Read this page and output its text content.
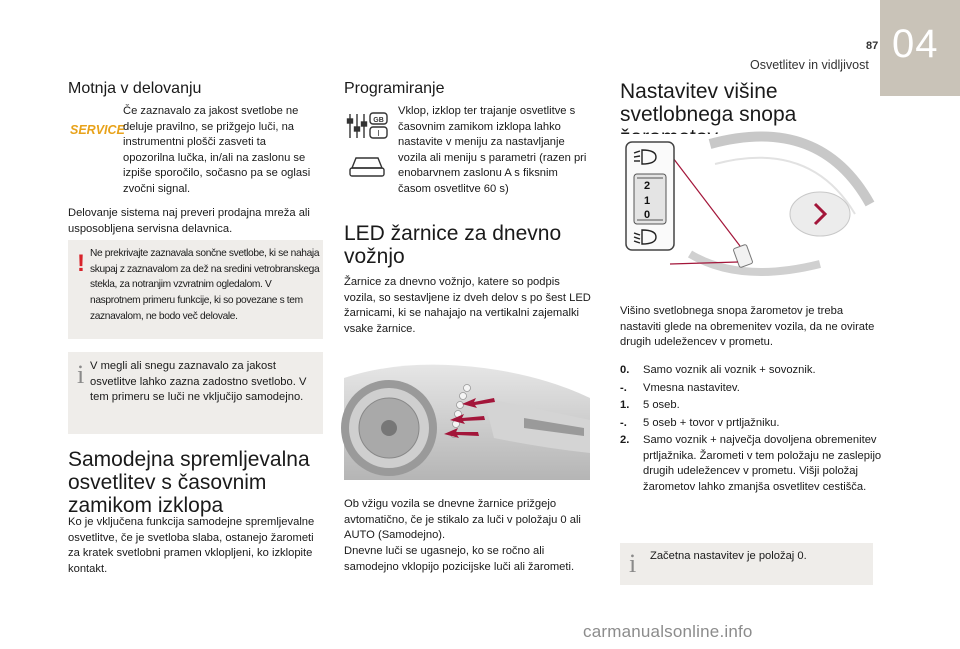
87
Osvetlitev in vidljivost 04
Motnja v delovanju
SERVICE
Če zaznavalo za jakost svetlobe ne deluje pravilno, se prižgejo luči, na instrumentni plošči zasveti ta opozorilna lučka, in/ali na zaslonu se izpiše sporočilo, sočasno pa se oglasi zvočni signal.
Delovanje sistema naj preveri prodajna mreža ali usposobljena servisna delavnica.
! Ne prekrivajte zaznavala sončne svetlobe, ki se nahaja skupaj z zaznavalom za dež na sredini vetrobranskega stekla, za notranjim vzvratnim ogledalom. V nasprotnem primeru funkcije, ki so povezane s tem zaznavalom, ne bodo več delovale.
i V megli ali snegu zaznavalo za jakost osvetlitve lahko zazna zadostno svetlobo. V tem primeru se luči ne vključijo samodejno.
Samodejna spremljevalna osvetlitev s časovnim zamikom izklopa
Ko je vključena funkcija samodejne spremljevalne osvetlitve, če je svetloba slaba, ostanejo žarometi za kratek svetlobni pramen vklopljeni, ko izklopite kontakt.
Programiranje
GB
I
Vklop, izklop ter trajanje osvetlitve s časovnim zamikom izklopa lahko nastavite v meniju za nastavljanje vozila ali meniju s parametri (razen pri enobarvnem zaslonu A s fiksnim časom osvetlitve 60 s)
LED žarnice za dnevno vožnjo
Žarnice za dnevno vožnjo, katere so podpis vozila, so sestavljene iz dveh delov s po šest LED žarnicami, ki se nahajajo na vertikalni zajemalki vsake žarnice.
Ob vžigu vozila se dnevne žarnice prižgejo avtomatično, če je stikalo za luči v položaju 0 ali AUTO (Samodejno).
Dnevne luči se ugasnejo, ko se ročno ali samodejno vklopijo pozicijske luči ali žarometi.
Nastavitev višine svetlobnega snopa
2
1
0
Višino svetlobnega snopa žarometov je treba nastaviti glede na obremenitev vozila, da ne ovirate drugih udeležencev v prometu.
0. Samo voznik ali voznik + sovoznik.
-. Vmesna nastavitev.
1. 5 oseb.
-. 5 oseb + tovor v prtljažniku.
2. Samo voznik + največja dovoljena obremenitev prtljažnika. Žarometi v tem položaju ne zaslepijo drugih udeležencev v prometu. Višji položaj žarometov lahko zmanjša osvetlitev cestišča.
i Začetna nastavitev je položaj 0.
carmanualsonline.info
